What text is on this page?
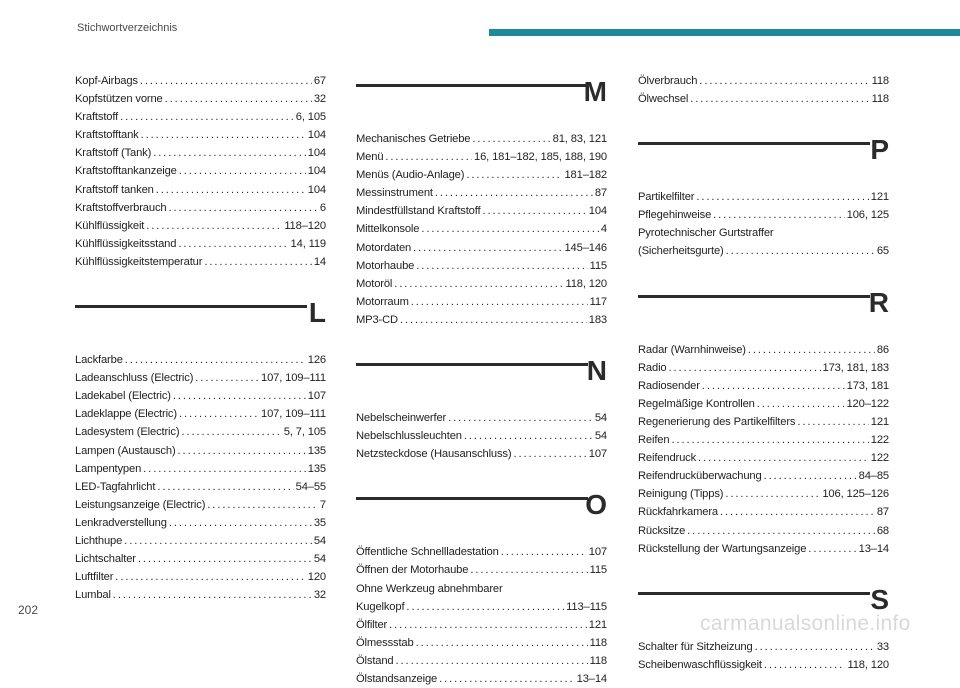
Stichwortverzeichnis
Kopf-Airbags . . .	67
Kopfstützen vorne . . .	32
Kraftstoff . . .	6, 105
Kraftstofftank . . .	104
Kraftstoff (Tank) . . .	104
Kraftstofftankanzeige . . .	104
Kraftstoff tanken . . .	104
Kraftstoffverbrauch . . .	6
Kühlflüssigkeit . . .	118–120
Kühlflüssigkeitsstand . . .	14, 119
Kühlflüssigkeitstemperatur . . .	14
L
Lackfarbe . . .	126
Ladeanschluss (Electric) . . .	107, 109–111
Ladekabel (Electric) . . .	107
Ladeklappe (Electric) . . .	107, 109–111
Ladesystem (Electric) . . .	5, 7, 105
Lampen (Austausch) . . .	135
Lampentypen . . .	135
LED-Tagfahrlicht . . .	54–55
Leistungsanzeige (Electric) . . .	7
Lenkradverstellung . . .	35
Lichthupe . . .	54
Lichtschalter . . .	54
Luftfilter . . .	120
Lumbal . . .	32
M
Mechanisches Getriebe . . .	81, 83, 121
Menü . . .	16, 181–182, 185, 188, 190
Menüs (Audio-Anlage) . . .	181–182
Messinstrument . . .	87
Mindestfüllstand Kraftstoff . . .	104
Mittelkonsole . . .	4
Motordaten . . .	145–146
Motorhaube . . .	115
Motoröl . . .	118, 120
Motorraum . . .	117
MP3-CD . . .	183
N
Nebelscheinwerfer . . .	54
Nebelschlussleuchten . . .	54
Netzsteckdose (Hausanschluss) . . .	107
O
Öffentliche Schnellladestation . . .	107
Öffnen der Motorhaube . . .	115
Ohne Werkzeug abnehmbarer
Kugelkopf . . .	113–115
Ölfilter . . .	121
Ölmessstab . . .	118
Ölstand . . .	118
Ölstandsanzeige . . .	13–14
Ölverbrauch . . .	118
Ölwechsel . . .	118
P
Partikelfilter . . .	121
Pflegehinweise . . .	106, 125
Pyrotechnischer Gurtstraffer
(Sicherheitsgurte) . . .	65
R
Radar (Warnhinweise) . . .	86
Radio . . .	173, 181, 183
Radiosender . . .	173, 181
Regelmäßige Kontrollen . . .	120–122
Regenerierung des Partikelfilters . . .	121
Reifen . . .	122
Reifendruck . . .	122
Reifendrucküberwachung . . .	84–85
Reinigung (Tipps) . . .	106, 125–126
Rückfahrkamera . . .	87
Rücksitze . . .	68
Rückstellung der Wartungsanzeige . . .	13–14
S
Schalter für Sitzheizung . . .	33
Scheibenwaschflüssigkeit . . .	118, 120
202
carmanualsonline.info
